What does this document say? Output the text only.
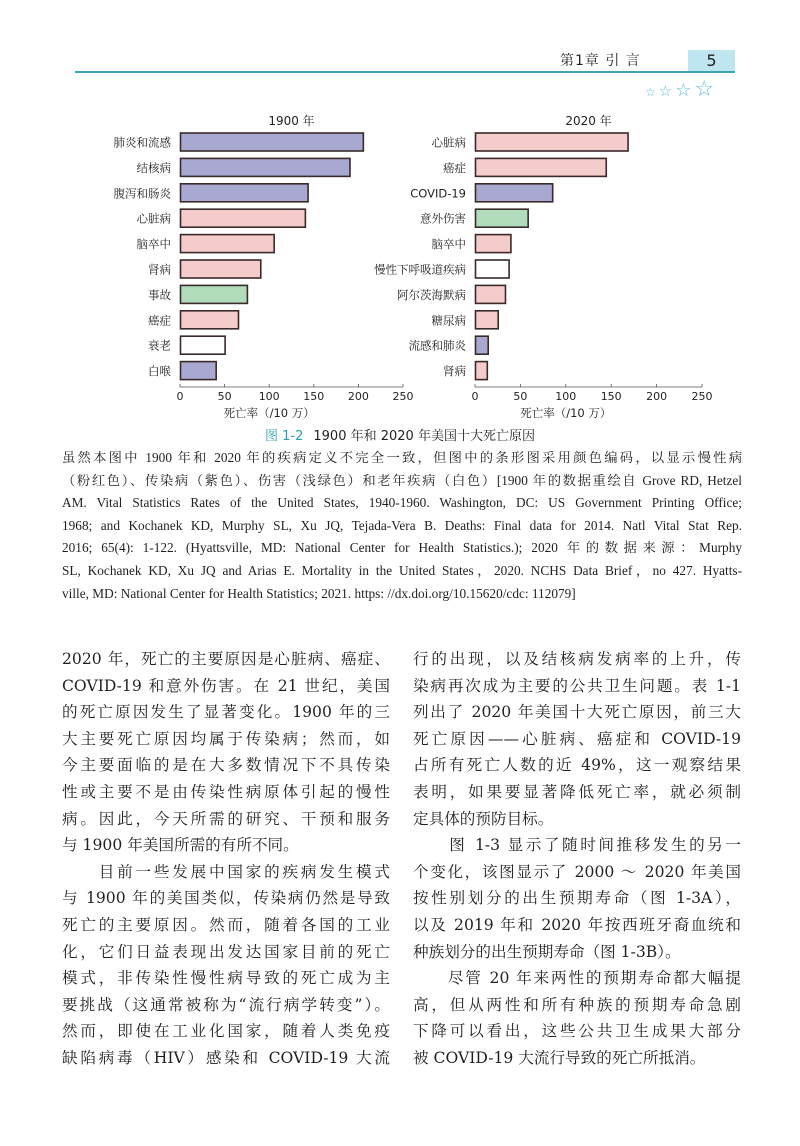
第1章 引 言	5
☆ ☆ ☆ ☆
1900 年
肺炎和流感
结核病
腹泻和肠炎
心脏病
脑卒中
肾病
事故
癌症
衰老
白喉
0	50 100 150 200 250
死亡率（/10 万）
2020 年
心脏病
癌症
COVID-19
意外伤害
脑卒中
慢性下呼吸道疾病
阿尔茨海默病
糖尿病
流感和肺炎
肾病
0	50	100 150 200 250
死亡率（/10 万）
图 1-2 1900 年和 2020 年美国十大死亡原因
虽然本图中 1900 年和 2020 年的疾病定义不完全一致，但图中的条形图采用颜色编码，以显示慢性病
（粉红色）、传染病（紫色）、伤害（浅绿色）和老年疾病（白色）[1900 年的数据重绘自 Grove RD, Hetzel
AM. Vital Statistics Rates of the United States, 1940-1960. Washington, DC: US Government Printing Office;
1968; and Kochanek KD, Murphy SL, Xu JQ, Tejada-Vera B. Deaths: Final data for 2014. Natl Vital Stat Rep.
2016; 65(4): 1-122. (Hyattsville, MD: National Center for Health Statistics.); 2020 年的数据来源：Murphy
SL, Kochanek KD, Xu JQ and Arias E. Mortality in the United States，2020. NCHS Data Brief，no 427. Hyatts-
ville, MD: National Center for Health Statistics; 2021. https: //dx.doi.org/10.15620/cdc: 112079]
2020 年，死亡的主要原因是心脏病、癌症、
COVID-19 和意外伤害。在 21 世纪，美国
的死亡原因发生了显著变化。1900 年的三
大主要死亡原因均属于传染病；然而，如
今主要面临的是在大多数情况下不具传染
性或主要不是由传染性病原体引起的慢性
病。因此，今天所需的研究、干预和服务
与 1900 年美国所需的有所不同。
　　目前一些发展中国家的疾病发生模式
与 1900 年的美国类似，传染病仍然是导致
死亡的主要原因。然而，随着各国的工业
化，它们日益表现出发达国家目前的死亡
模式，非传染性慢性病导致的死亡成为主
要挑战（这通常被称为“流行病学转变”）。
然而，即使在工业化国家，随着人类免疫
缺陷病毒（HIV）感染和 COVID-19 大流
行的出现，以及结核病发病率的上升，传
染病再次成为主要的公共卫生问题。表 1-1
列出了 2020 年美国十大死亡原因，前三大
死亡原因——心脏病、癌症和 COVID-19
占所有死亡人数的近 49%，这一观察结果
表明，如果要显著降低死亡率，就必须制
定具体的预防目标。
　　图 1-3 显示了随时间推移发生的另一
个变化，该图显示了 2000 ～ 2020 年美国
按性别划分的出生预期寿命（图 1-3A），
以及 2019 年和 2020 年按西班牙裔血统和
种族划分的出生预期寿命（图 1-3B）。
　　尽管 20 年来两性的预期寿命都大幅提
高，但从两性和所有种族的预期寿命急剧
下降可以看出，这些公共卫生成果大部分
被 COVID-19 大流行导致的死亡所抵消。
